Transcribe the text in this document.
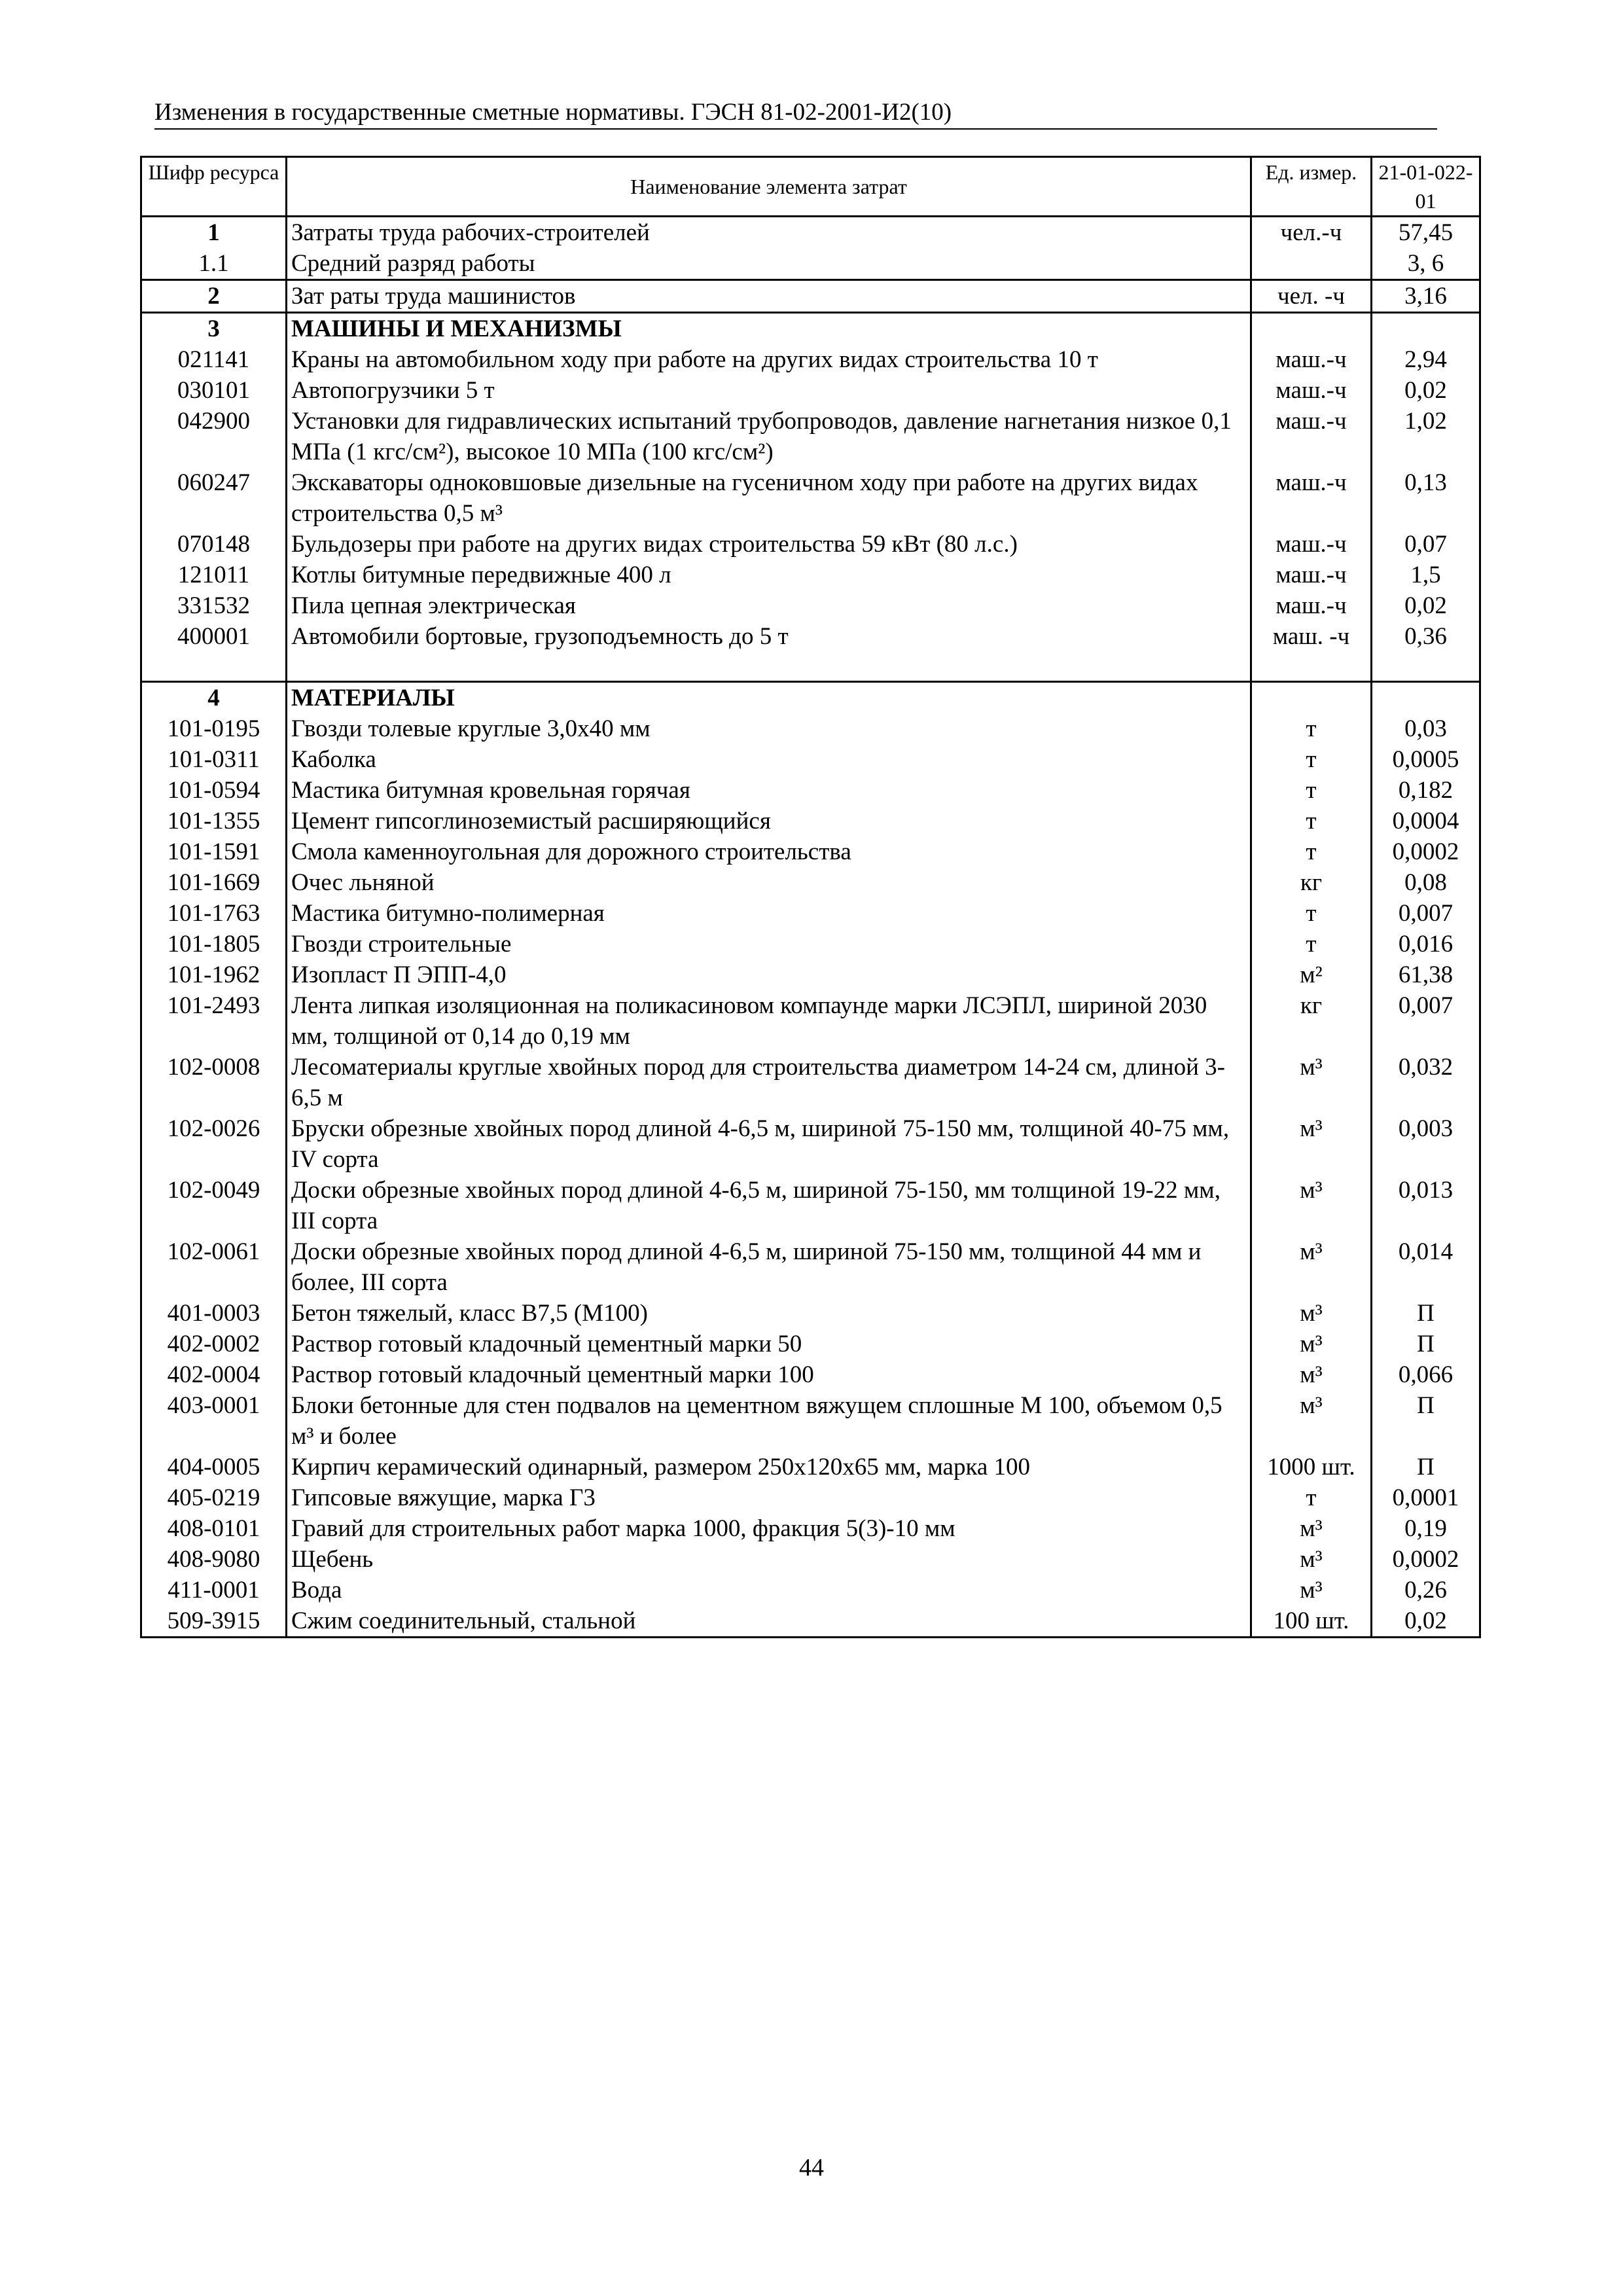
Изменения в государственные сметные нормативы. ГЭСН 81-02-2001-И2(10)
Шифр ресурса	Наименование элемента затрат	Ед. измер.	21-01-022-01
1	Затраты труда рабочих-строителей	чел.-ч	57,45
1.1	Средний разряд работы		3, 6
2	Зат раты труда машинистов	чел. -ч	3,16
3	МАШИНЫ И МЕХАНИЗМЫ		
021141	Краны на автомобильном ходу при работе на других видах строительства 10 т	маш.-ч	2,94
030101	Автопогрузчики 5 т	маш.-ч	0,02
042900	Установки для гидравлических испытаний трубопроводов, давление нагнетания низкое 0,1 МПа (1 кгс/см²), высокое 10 МПа (100 кгс/см²)	маш.-ч	1,02
060247	Экскаваторы одноковшовые дизельные на гусеничном ходу при работе на других видах строительства 0,5 м³	маш.-ч	0,13
070148	Бульдозеры при работе на других видах строительства 59 кВт (80 л.с.)	маш.-ч	0,07
121011	Котлы битумные передвижные 400 л	маш.-ч	1,5
331532	Пила цепная электрическая	маш.-ч	0,02
400001	Автомобили бортовые, грузоподъемность до 5 т	маш. -ч	0,36

4	МАТЕРИАЛЫ		
101-0195	Гвозди толевые круглые 3,0х40 мм	т	0,03
101-0311	Каболка	т	0,0005
101-0594	Мастика битумная кровельная горячая	т	0,182
101-1355	Цемент гипсоглиноземистый расширяющийся	т	0,0004
101-1591	Смола каменноугольная для дорожного строительства	т	0,0002
101-1669	Очес льняной	кг	0,08
101-1763	Мастика битумно-полимерная	т	0,007
101-1805	Гвозди строительные	т	0,016
101-1962	Изопласт П ЭПП-4,0	м²	61,38
101-2493	Лента липкая изоляционная на поликасиновом компаунде марки ЛСЭПЛ, шириной 2030 мм, толщиной от 0,14 до 0,19 мм	кг	0,007
102-0008	Лесоматериалы круглые хвойных пород для строительства диаметром 14-24 см, длиной 3-6,5 м	м³	0,032
102-0026	Бруски обрезные хвойных пород длиной 4-6,5 м, шириной 75-150 мм, толщиной 40-75 мм, IV сорта	м³	0,003
102-0049	Доски обрезные хвойных пород длиной 4-6,5 м, шириной 75-150, мм толщиной 19-22 мм, III сорта	м³	0,013
102-0061	Доски обрезные хвойных пород длиной 4-6,5 м, шириной 75-150 мм, толщиной 44 мм и более, III сорта	м³	0,014
401-0003	Бетон тяжелый, класс В7,5 (М100)	м³	П
402-0002	Раствор готовый кладочный цементный марки 50	м³	П
402-0004	Раствор готовый кладочный цементный марки 100	м³	0,066
403-0001	Блоки бетонные для стен подвалов на цементном вяжущем сплошные М 100, объемом 0,5 м³ и более	м³	П
404-0005	Кирпич керамический одинарный, размером 250х120х65 мм, марка 100	1000 шт.	П
405-0219	Гипсовые вяжущие, марка Г3	т	0,0001
408-0101	Гравий для строительных работ марка 1000, фракция 5(3)-10 мм	м³	0,19
408-9080	Щебень	м³	0,0002
411-0001	Вода	м³	0,26
509-3915	Сжим соединительный, стальной	100 шт.	0,02
44
